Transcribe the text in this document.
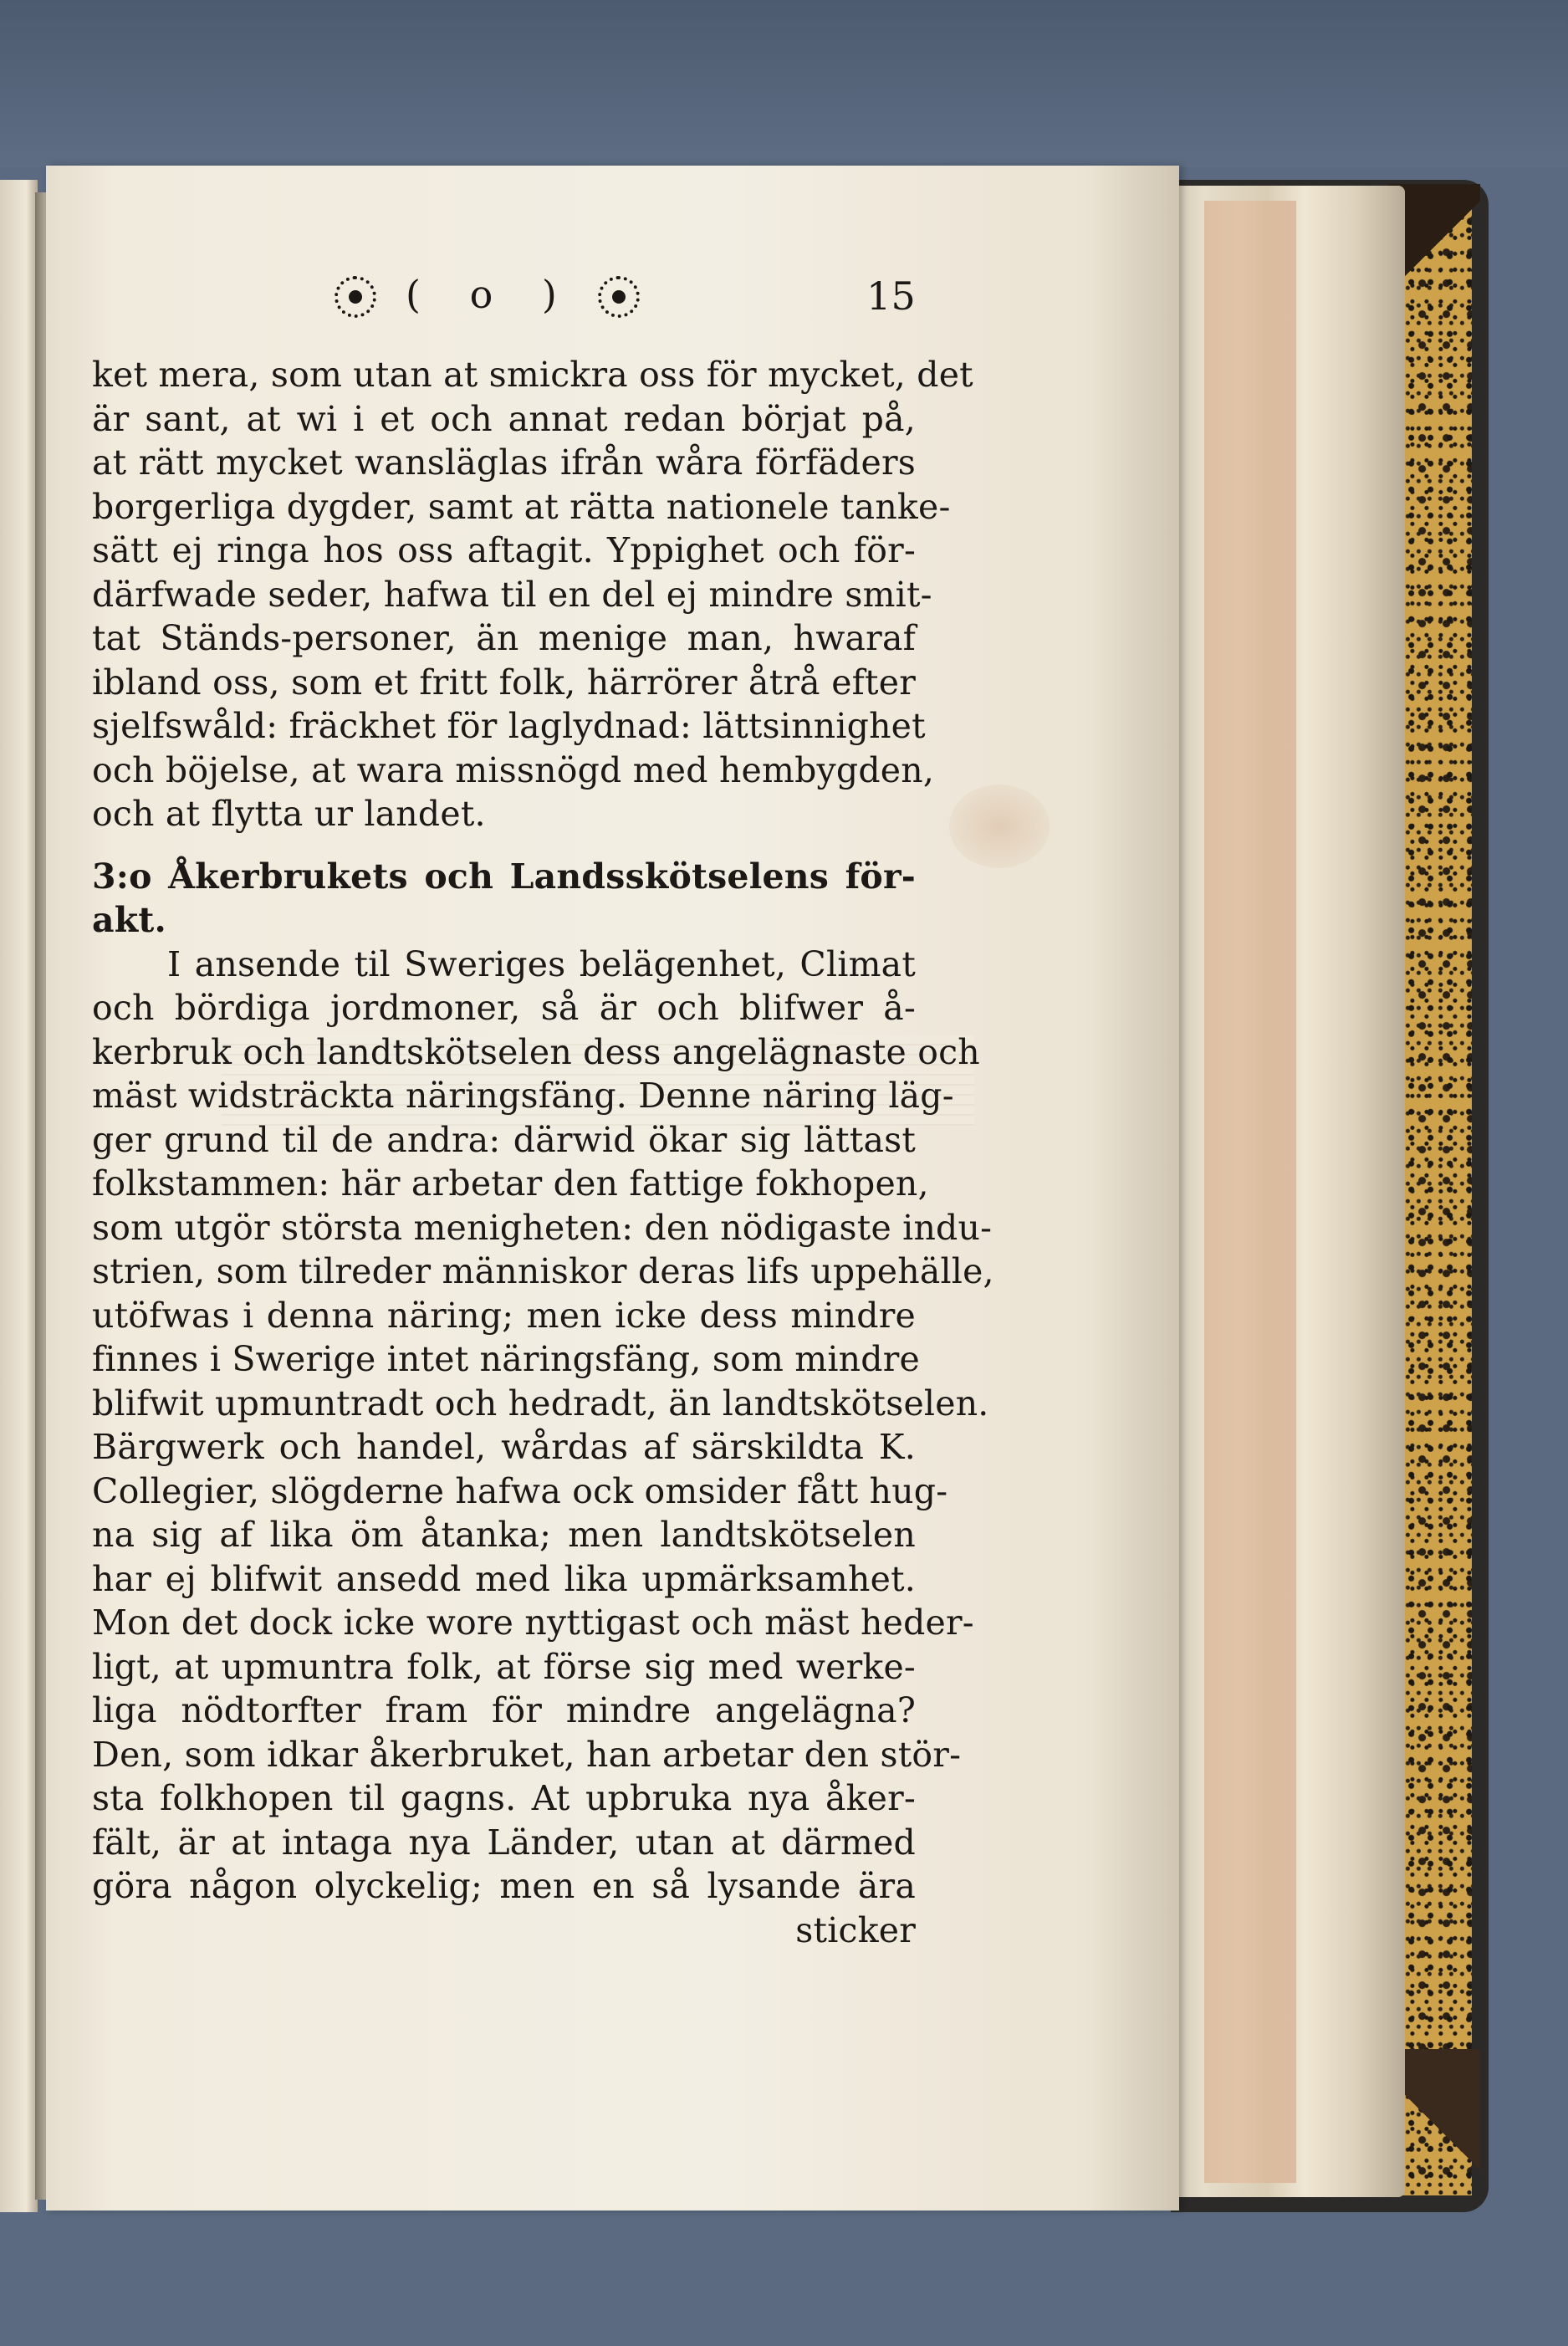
( o )	15
ket mera, som utan at smickra oss för mycket, det
är sant, at wi i et och annat redan börjat på,
at rätt mycket wansläglas ifrån wåra förfäders
borgerliga dygder, samt at rätta nationele tanke-
sätt ej ringa hos oss aftagit. Yppighet och för-
därfwade seder, hafwa til en del ej mindre smit-
tat Ständs-personer, än menige man, hwaraf
ibland oss, som et fritt folk, härrörer åtrå efter
sjelfswåld: fräckhet för laglydnad: lättsinnighet
och böjelse, at wara missnögd med hembygden,
och at flytta ur landet.
3:o Åkerbrukets och Landsskötselens för-
akt.
I ansende til Sweriges belägenhet, Climat
och bördiga jordmoner, så är och blifwer å-
kerbruk och landtskötselen dess angelägnaste och
mäst widsträckta näringsfäng. Denne näring läg-
ger grund til de andra: därwid ökar sig lättast
folkstammen: här arbetar den fattige fokhopen,
som utgör största menigheten: den nödigaste indu-
strien, som tilreder människor deras lifs uppehälle,
utöfwas i denna näring; men icke dess mindre
finnes i Swerige intet näringsfäng, som mindre
blifwit upmuntradt och hedradt, än landtskötselen.
Bärgwerk och handel, wårdas af särskildta K.
Collegier, slögderne hafwa ock omsider fått hug-
na sig af lika öm åtanka; men landtskötselen
har ej blifwit ansedd med lika upmärksamhet.
Mon det dock icke wore nyttigast och mäst heder-
ligt, at upmuntra folk, at förse sig med werke-
liga nödtorfter fram för mindre angelägna?
Den, som idkar åkerbruket, han arbetar den stör-
sta folkhopen til gagns. At upbruka nya åker-
fält, är at intaga nya Länder, utan at därmed
göra någon olyckelig; men en så lysande ära
sticker
